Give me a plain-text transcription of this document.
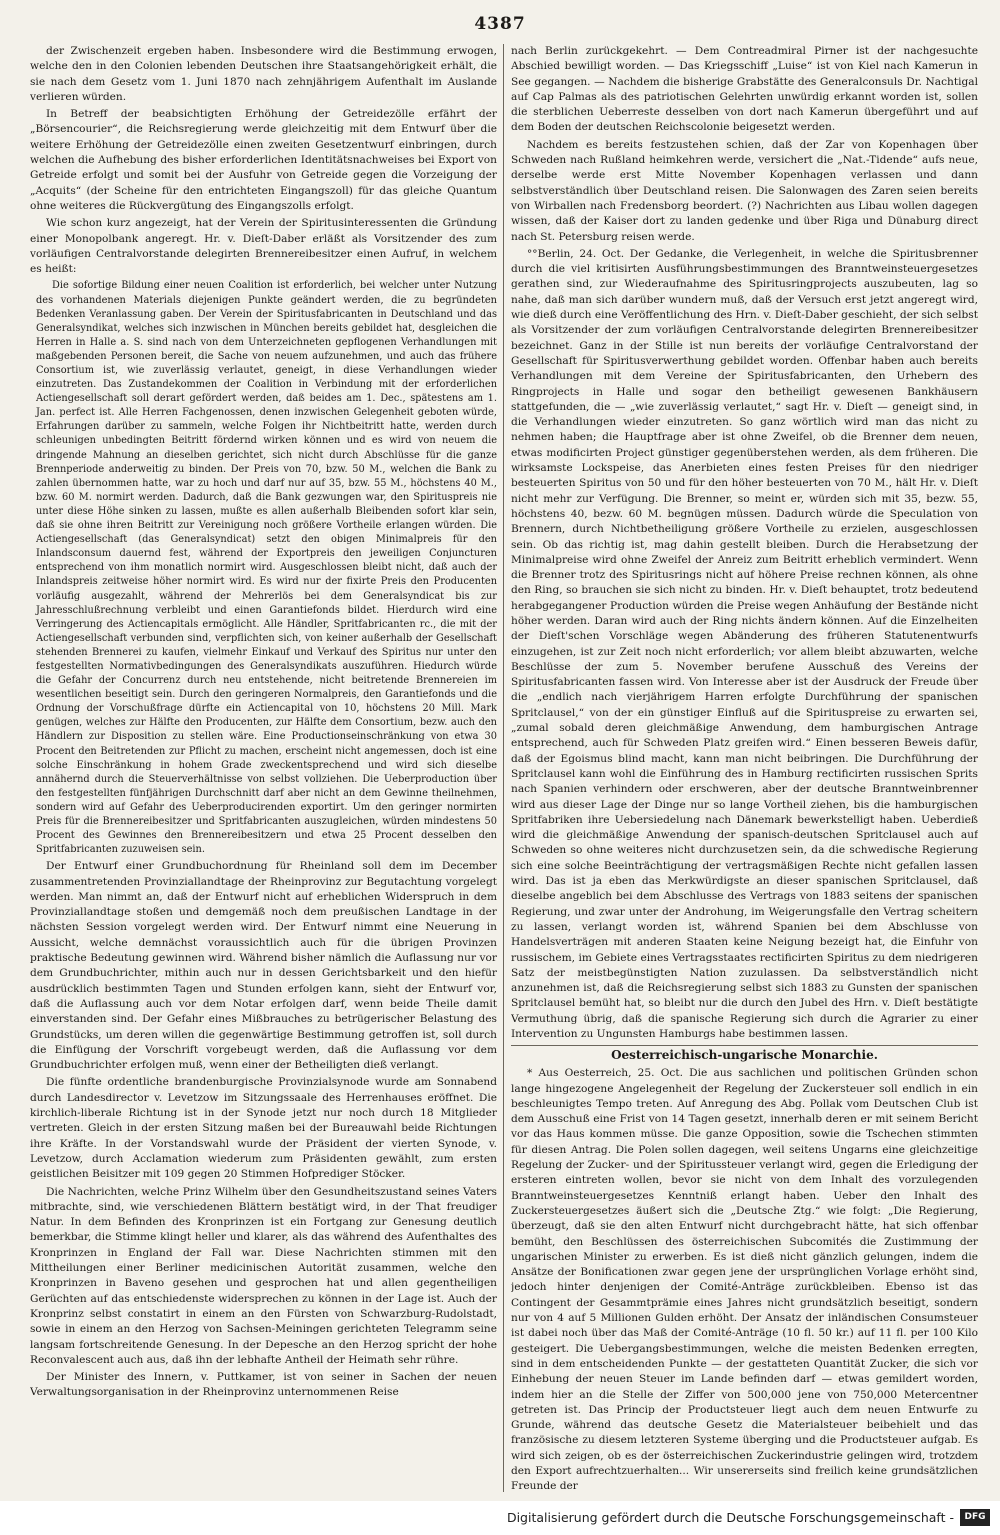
4387

der Zwischenzeit ergeben haben. Insbesondere wird die Bestimmung erwogen, welche den in den Colonien lebenden Deutschen ihre Staatsangehörigkeit erhält, die sie nach dem Gesetz vom 1. Juni 1870 nach zehnjährigem Aufenthalt im Auslande verlieren würden.

In Betreff der beabsichtigten Erhöhung der Getreidezölle erfährt der „Börsencourier“, die Reichsregierung werde gleichzeitig mit dem Entwurf über die weitere Erhöhung der Getreidezölle einen zweiten Gesetzentwurf einbringen, durch welchen die Aufhebung des bisher erforderlichen Identitätsnachweises bei Export von Getreide erfolgt und somit bei der Ausfuhr von Getreide gegen die Vorzeigung der „Acquits“ (der Scheine für den entrichteten Eingangszoll) für das gleiche Quantum ohne weiteres die Rückvergütung des Eingangszolls erfolgt.

Wie schon kurz angezeigt, hat der Verein der Spiritusinteressenten die Gründung einer Monopolbank angeregt. Hr. v. Dieſt-Daber erläßt als Vorsitzender des zum vorläufigen Centralvorstande delegirten Brennereibesitzer einen Aufruf, in welchem es heißt:

Die sofortige Bildung einer neuen Coalition ist erforderlich, bei welcher unter Nutzung des vorhandenen Materials diejenigen Punkte geändert werden, die zu begründeten Bedenken Veranlassung gaben. Der Verein der Spiritusfabricanten in Deutschland und das Generalsyndikat, welches sich inzwischen in München bereits gebildet hat, desgleichen die Herren in Halle a. S. sind nach von dem Unterzeichneten gepflogenen Verhandlungen mit maßgebenden Personen bereit, die Sache von neuem aufzunehmen, und auch das frühere Consortium ist, wie zuverlässig verlautet, geneigt, in diese Verhandlungen wieder einzutreten. Das Zustandekommen der Coalition in Verbindung mit der erforderlichen Actiengesellschaft soll derart gefördert werden, daß beides am 1. Dec., spätestens am 1. Jan. perfect ist. Alle Herren Fachgenossen, denen inzwischen Gelegenheit geboten würde, Erfahrungen darüber zu sammeln, welche Folgen ihr Nichtbeitritt hatte, werden durch schleunigen unbedingten Beitritt fördernd wirken können und es wird von neuem die dringende Mahnung an dieselben gerichtet, sich nicht durch Abschlüsse für die ganze Brennperiode anderweitig zu binden. Der Preis von 70, bzw. 50 M., welchen die Bank zu zahlen übernommen hatte, war zu hoch und darf nur auf 35, bzw. 55 M., höchstens 40 M., bzw. 60 M. normirt werden. Dadurch, daß die Bank gezwungen war, den Spirituspreis nie unter diese Höhe sinken zu lassen, mußte es allen außerhalb Bleibenden sofort klar sein, daß sie ohne ihren Beitritt zur Vereinigung noch größere Vortheile erlangen würden. Die Actiengesellschaft (das Generalsyndicat) setzt den obigen Minimalpreis für den Inlandsconsum dauernd fest, während der Exportpreis den jeweiligen Conjuncturen entsprechend von ihm monatlich normirt wird. Ausgeschlossen bleibt nicht, daß auch der Inlandspreis zeitweise höher normirt wird. Es wird nur der fixirte Preis den Producenten vorläufig ausgezahlt, während der Mehrerlös bei dem Generalsyndicat bis zur Jahresschlußrechnung verbleibt und einen Garantiefonds bildet. Hierdurch wird eine Verringerung des Actiencapitals ermöglicht. Alle Händler, Spritfabricanten rc., die mit der Actiengesellschaft verbunden sind, verpflichten sich, von keiner außerhalb der Gesellschaft stehenden Brennerei zu kaufen, vielmehr Einkauf und Verkauf des Spiritus nur unter den festgestellten Normativbedingungen des Generalsyndikats auszuführen. Hiedurch würde die Gefahr der Concurrenz durch neu entstehende, nicht beitretende Brennereien im wesentlichen beseitigt sein. Durch den geringeren Normalpreis, den Garantiefonds und die Ordnung der Vorschußfrage dürfte ein Actiencapital von 10, höchstens 20 Mill. Mark genügen, welches zur Hälfte den Producenten, zur Hälfte dem Consortium, bezw. auch den Händlern zur Disposition zu stellen wäre. Eine Productionseinschränkung von etwa 30 Procent den Beitretenden zur Pflicht zu machen, erscheint nicht angemessen, doch ist eine solche Einschränkung in hohem Grade zweckentsprechend und wird sich dieselbe annähernd durch die Steuerverhältnisse von selbst vollziehen. Die Ueberproduction über den festgestellten fünfjährigen Durchschnitt darf aber nicht an dem Gewinne theilnehmen, sondern wird auf Gefahr des Ueberproducirenden exportirt. Um den geringer normirten Preis für die Brennereibesitzer und Spritfabricanten auszugleichen, würden mindestens 50 Procent des Gewinnes den Brennereibesitzern und etwa 25 Procent desselben den Spritfabricanten zuzuweisen sein.

Der Entwurf einer Grundbuchordnung für Rheinland soll dem im December zusammentretenden Provinziallandtage der Rheinprovinz zur Begutachtung vorgelegt werden. Man nimmt an, daß der Entwurf nicht auf erheblichen Widerspruch in dem Provinziallandtage stoßen und demgemäß noch dem preußischen Landtage in der nächsten Session vorgelegt werden wird. Der Entwurf nimmt eine Neuerung in Aussicht, welche demnächst voraussichtlich auch für die übrigen Provinzen praktische Bedeutung gewinnen wird. Während bisher nämlich die Auflassung nur vor dem Grundbuchrichter, mithin auch nur in dessen Gerichtsbarkeit und den hiefür ausdrücklich bestimmten Tagen und Stunden erfolgen kann, sieht der Entwurf vor, daß die Auflassung auch vor dem Notar erfolgen darf, wenn beide Theile damit einverstanden sind. Der Gefahr eines Mißbrauches zu betrügerischer Belastung des Grundstücks, um deren willen die gegenwärtige Bestimmung getroffen ist, soll durch die Einfügung der Vorschrift vorgebeugt werden, daß die Auflassung vor dem Grundbuchrichter erfolgen muß, wenn einer der Betheiligten dieß verlangt.

Die fünfte ordentliche brandenburgische Provinzialsynode wurde am Sonnabend durch Landesdirector v. Levetzow im Sitzungssaale des Herrenhauses eröffnet. Die kirchlich-liberale Richtung ist in der Synode jetzt nur noch durch 18 Mitglieder vertreten. Gleich in der ersten Sitzung maßen bei der Bureauwahl beide Richtungen ihre Kräfte. In der Vorstandswahl wurde der Präsident der vierten Synode, v. Levetzow, durch Acclamation wiederum zum Präsidenten gewählt, zum ersten geistlichen Beisitzer mit 109 gegen 20 Stimmen Hofprediger Stöcker.

Die Nachrichten, welche Prinz Wilhelm über den Gesundheitszustand seines Vaters mitbrachte, sind, wie verschiedenen Blättern bestätigt wird, in der That freudiger Natur. In dem Befinden des Kronprinzen ist ein Fortgang zur Genesung deutlich bemerkbar, die Stimme klingt heller und klarer, als das während des Aufenthaltes des Kronprinzen in England der Fall war. Diese Nachrichten stimmen mit den Mittheilungen einer Berliner medicinischen Autorität zusammen, welche den Kronprinzen in Baveno gesehen und gesprochen hat und allen gegentheiligen Gerüchten auf das entschiedenste widersprechen zu können in der Lage ist. Auch der Kronprinz selbst constatirt in einem an den Fürsten von Schwarzburg-Rudolstadt, sowie in einem an den Herzog von Sachsen-Meiningen gerichteten Telegramm seine langsam fortschreitende Genesung. In der Depesche an den Herzog spricht der hohe Reconvalescent auch aus, daß ihn der lebhafte Antheil der Heimath sehr rühre.

Der Minister des Innern, v. Puttkamer, ist von seiner in Sachen der neuen Verwaltungsorganisation in der Rheinprovinz unternommenen Reise

nach Berlin zurückgekehrt. — Dem Contreadmiral Pirner ist der nachgesuchte Abschied bewilligt worden. — Das Kriegsschiff „Luise“ ist von Kiel nach Kamerun in See gegangen. — Nachdem die bisherige Grabstätte des Generalconsuls Dr. Nachtigal auf Cap Palmas als des patriotischen Gelehrten unwürdig erkannt worden ist, sollen die sterblichen Ueberreste desselben von dort nach Kamerun übergeführt und auf dem Boden der deutschen Reichscolonie beigesetzt werden.

Nachdem es bereits festzustehen schien, daß der Zar von Kopenhagen über Schweden nach Rußland heimkehren werde, versichert die „Nat.-Tidende“ aufs neue, derselbe werde erst Mitte November Kopenhagen verlassen und dann selbstverständlich über Deutschland reisen. Die Salonwagen des Zaren seien bereits von Wirballen nach Fredensborg beordert. (?) Nachrichten aus Libau wollen dagegen wissen, daß der Kaiser dort zu landen gedenke und über Riga und Dünaburg direct nach St. Petersburg reisen werde.

°°Berlin, 24. Oct. Der Gedanke, die Verlegenheit, in welche die Spiritusbrenner durch die viel kritisirten Ausführungsbestimmungen des Branntweinsteuergesetzes gerathen sind, zur Wiederaufnahme des Spiritusringprojects auszubeuten, lag so nahe, daß man sich darüber wundern muß, daß der Versuch erst jetzt angeregt wird, wie dieß durch eine Veröffentlichung des Hrn. v. Dieſt-Daber geschieht, der sich selbst als Vorsitzender der zum vorläufigen Centralvorstande delegirten Brennereibesitzer bezeichnet. Ganz in der Stille ist nun bereits der vorläufige Centralvorstand der Gesellschaft für Spiritusverwerthung gebildet worden. Offenbar haben auch bereits Verhandlungen mit dem Vereine der Spiritusfabricanten, den Urhebern des Ringprojects in Halle und sogar den betheiligt gewesenen Bankhäusern stattgefunden, die — „wie zuverlässig verlautet,“ sagt Hr. v. Dieſt — geneigt sind, in die Verhandlungen wieder einzutreten. So ganz wörtlich wird man das nicht zu nehmen haben; die Hauptfrage aber ist ohne Zweifel, ob die Brenner dem neuen, etwas modificirten Project günstiger gegenüberstehen werden, als dem früheren. Die wirksamste Lockspeise, das Anerbieten eines festen Preises für den niedriger besteuerten Spiritus von 50 und für den höher besteuerten von 70 M., hält Hr. v. Dieſt nicht mehr zur Verfügung. Die Brenner, so meint er, würden sich mit 35, bezw. 55, höchstens 40, bezw. 60 M. begnügen müssen. Dadurch würde die Speculation von Brennern, durch Nichtbetheiligung größere Vortheile zu erzielen, ausgeschlossen sein. Ob das richtig ist, mag dahin gestellt bleiben. Durch die Herabsetzung der Minimalpreise wird ohne Zweifel der Anreiz zum Beitritt erheblich vermindert. Wenn die Brenner trotz des Spiritusrings nicht auf höhere Preise rechnen können, als ohne den Ring, so brauchen sie sich nicht zu binden. Hr. v. Dieſt behauptet, trotz bedeutend herabgegangener Production würden die Preise wegen Anhäufung der Bestände nicht höher werden. Daran wird auch der Ring nichts ändern können. Auf die Einzelheiten der Dieſt'schen Vorschläge wegen Abänderung des früheren Statutenentwurfs einzugehen, ist zur Zeit noch nicht erforderlich; vor allem bleibt abzuwarten, welche Beschlüsse der zum 5. November berufene Ausschuß des Vereins der Spiritusfabricanten fassen wird. Von Interesse aber ist der Ausdruck der Freude über die „endlich nach vierjährigem Harren erfolgte Durchführung der spanischen Spritclausel,“ von der ein günstiger Einfluß auf die Spirituspreise zu erwarten sei, „zumal sobald deren gleichmäßige Anwendung, dem hamburgischen Antrage entsprechend, auch für Schweden Platz greifen wird.“ Einen besseren Beweis dafür, daß der Egoismus blind macht, kann man nicht beibringen. Die Durchführung der Spritclausel kann wohl die Einführung des in Hamburg rectificirten russischen Sprits nach Spanien verhindern oder erschweren, aber der deutsche Branntweinbrenner wird aus dieser Lage der Dinge nur so lange Vortheil ziehen, bis die hamburgischen Spritfabriken ihre Uebersiedelung nach Dänemark bewerkstelligt haben. Ueberdieß wird die gleichmäßige Anwendung der spanisch-deutschen Spritclausel auch auf Schweden so ohne weiteres nicht durchzusetzen sein, da die schwedische Regierung sich eine solche Beeinträchtigung der vertragsmäßigen Rechte nicht gefallen lassen wird. Das ist ja eben das Merkwürdigste an dieser spanischen Spritclausel, daß dieselbe angeblich bei dem Abschlusse des Vertrags von 1883 seitens der spanischen Regierung, und zwar unter der Androhung, im Weigerungsfalle den Vertrag scheitern zu lassen, verlangt worden ist, während Spanien bei dem Abschlusse von Handelsverträgen mit anderen Staaten keine Neigung bezeigt hat, die Einfuhr von russischem, im Gebiete eines Vertragsstaates rectificirten Spiritus zu dem niedrigeren Satz der meistbegünstigten Nation zuzulassen. Da selbstverständlich nicht anzunehmen ist, daß die Reichsregierung selbst sich 1883 zu Gunsten der spanischen Spritclausel bemüht hat, so bleibt nur die durch den Jubel des Hrn. v. Dieſt bestätigte Vermuthung übrig, daß die spanische Regierung sich durch die Agrarier zu einer Intervention zu Ungunsten Hamburgs habe bestimmen lassen.

Oesterreichisch-ungarische Monarchie.

* Aus Oesterreich, 25. Oct. Die aus sachlichen und politischen Gründen schon lange hingezogene Angelegenheit der Regelung der Zuckersteuer soll endlich in ein beschleunigtes Tempo treten. Auf Anregung des Abg. Pollak vom Deutschen Club ist dem Ausschuß eine Frist von 14 Tagen gesetzt, innerhalb deren er mit seinem Bericht vor das Haus kommen müsse. Die ganze Opposition, sowie die Tschechen stimmten für diesen Antrag. Die Polen sollen dagegen, weil seitens Ungarns eine gleichzeitige Regelung der Zucker- und der Spiritussteuer verlangt wird, gegen die Erledigung der ersteren eintreten wollen, bevor sie nicht von dem Inhalt des vorzulegenden Branntweinsteuergesetzes Kenntniß erlangt haben. Ueber den Inhalt des Zuckersteuergesetzes äußert sich die „Deutsche Ztg.“ wie folgt: „Die Regierung, überzeugt, daß sie den alten Entwurf nicht durchgebracht hätte, hat sich offenbar bemüht, den Beschlüssen des österreichischen Subcomités die Zustimmung der ungarischen Minister zu erwerben. Es ist dieß nicht gänzlich gelungen, indem die Ansätze der Bonificationen zwar gegen jene der ursprünglichen Vorlage erhöht sind, jedoch hinter denjenigen der Comité-Anträge zurückbleiben. Ebenso ist das Contingent der Gesammtprämie eines Jahres nicht grundsätzlich beseitigt, sondern nur von 4 auf 5 Millionen Gulden erhöht. Der Ansatz der inländischen Consumsteuer ist dabei noch über das Maß der Comité-Anträge (10 fl. 50 kr.) auf 11 fl. per 100 Kilo gesteigert. Die Uebergangsbestimmungen, welche die meisten Bedenken erregten, sind in dem entscheidenden Punkte — der gestatteten Quantität Zucker, die sich vor Einhebung der neuen Steuer im Lande befinden darf — etwas gemildert worden, indem hier an die Stelle der Ziffer von 500,000 jene von 750,000 Metercentner getreten ist. Das Princip der Productsteuer liegt auch dem neuen Entwurfe zu Grunde, während das deutsche Gesetz die Materialsteuer beibehielt und das französische zu diesem letzteren Systeme überging und die Productsteuer aufgab. Es wird sich zeigen, ob es der österreichischen Zuckerindustrie gelingen wird, trotzdem den Export aufrechtzuerhalten... Wir unsererseits sind freilich keine grundsätzlichen Freunde der

Digitalisierung gefördert durch die Deutsche Forschungsgemeinschaft -	DFG
